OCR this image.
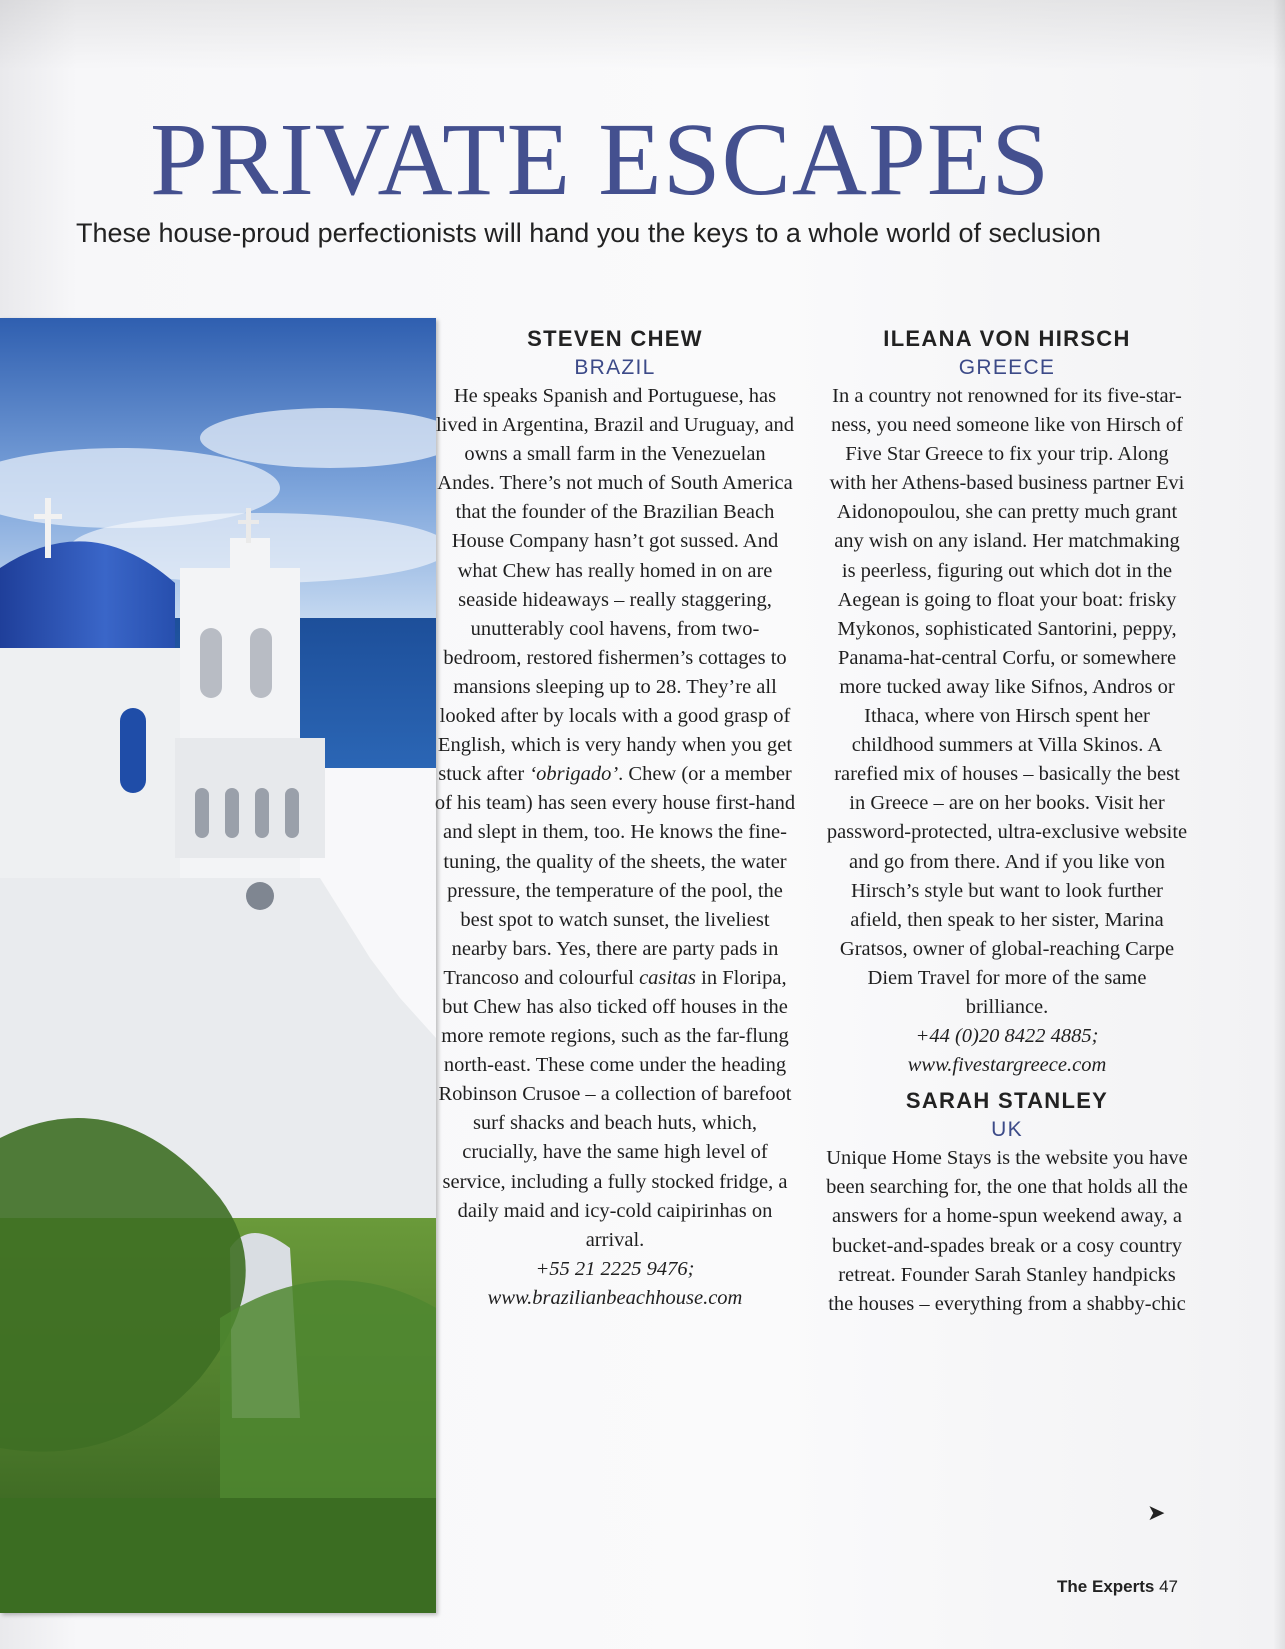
PRIVATE ESCAPES
These house-proud perfectionists will hand you the keys to a whole world of seclusion
STEVEN CHEW
BRAZIL

He speaks Spanish and Portuguese, has lived in Argentina, Brazil and Uruguay, and owns a small farm in the Venezuelan Andes. There’s not much of South America that the founder of the Brazilian Beach House Company hasn’t got sussed. And what Chew has really homed in on are seaside hideaways – really staggering, unutterably cool havens, from two-bedroom, restored fishermen’s cottages to mansions sleeping up to 28. They’re all looked after by locals with a good grasp of English, which is very handy when you get stuck after ‘obrigado’. Chew (or a member of his team) has seen every house first-hand and slept in them, too. He knows the fine-tuning, the quality of the sheets, the water pressure, the temperature of the pool, the best spot to watch sunset, the liveliest nearby bars. Yes, there are party pads in Trancoso and colourful casitas in Floripa, but Chew has also ticked off houses in the more remote regions, such as the far-flung north-east. These come under the heading Robinson Crusoe – a collection of barefoot surf shacks and beach huts, which, crucially, have the same high level of service, including a fully stocked fridge, a daily maid and icy-cold caipirinhas on arrival.

+55 21 2225 9476;
www.brazilianbeachhouse.com
ILEANA VON HIRSCH
GREECE

In a country not renowned for its five-star-ness, you need someone like von Hirsch of Five Star Greece to fix your trip. Along with her Athens-based business partner Evi Aidonopoulou, she can pretty much grant any wish on any island. Her matchmaking is peerless, figuring out which dot in the Aegean is going to float your boat: frisky Mykonos, sophisticated Santorini, peppy, Panama-hat-central Corfu, or somewhere more tucked away like Sifnos, Andros or Ithaca, where von Hirsch spent her childhood summers at Villa Skinos. A rarefied mix of houses – basically the best in Greece – are on her books. Visit her password-protected, ultra-exclusive website and go from there. And if you like von Hirsch’s style but want to look further afield, then speak to her sister, Marina Gratsos, owner of global-reaching Carpe Diem Travel for more of the same brilliance.

+44 (0)20 8422 4885;
www.fivestargreece.com
SARAH STANLEY
UK

Unique Home Stays is the website you have been searching for, the one that holds all the answers for a home-spun weekend away, a bucket-and-spades break or a cosy country retreat. Founder Sarah Stanley handpicks the houses – everything from a shabby-chic

➤
The Experts 47
